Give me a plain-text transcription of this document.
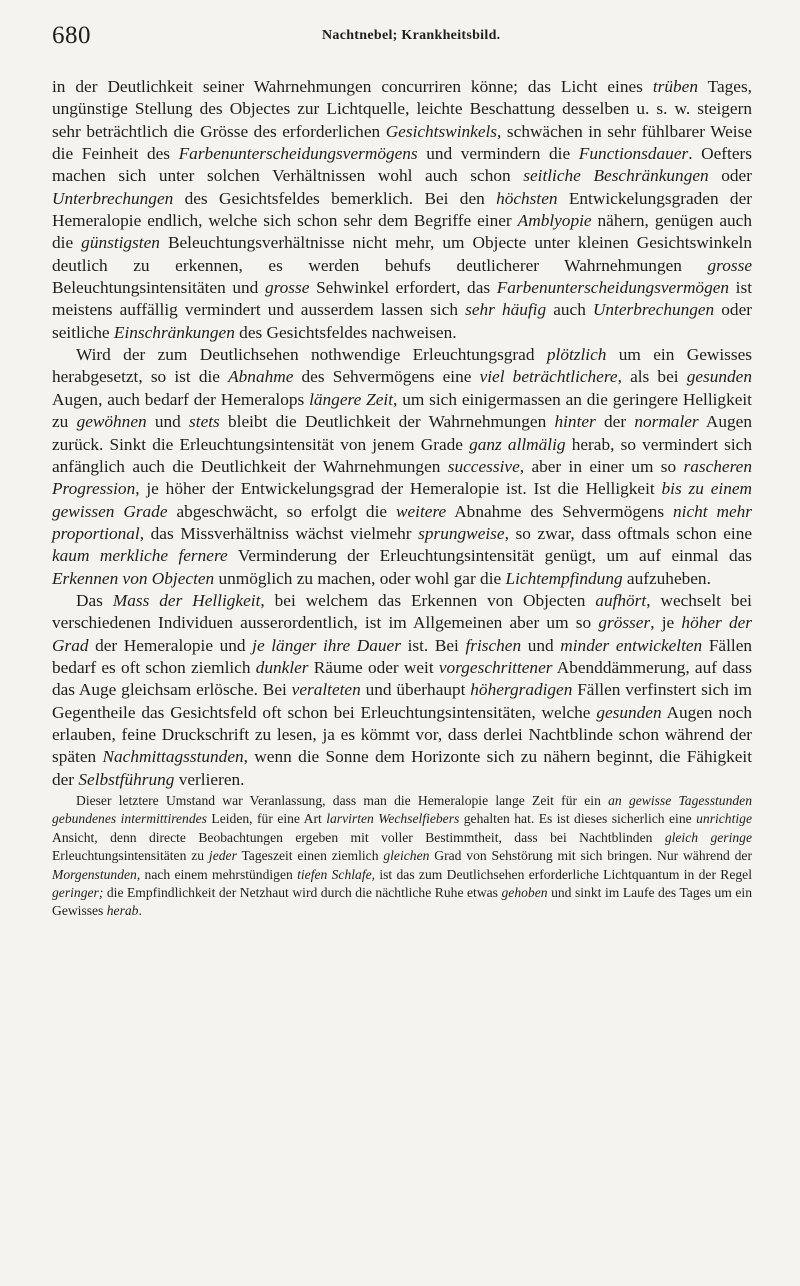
680	Nachtnebel; Krankheitsbild.

in der Deutlichkeit seiner Wahrnehmungen concurriren könne; das Licht eines trüben Tages, ungünstige Stellung des Objectes zur Lichtquelle, leichte Beschattung desselben u. s. w. steigern sehr beträchtlich die Grösse des erforderlichen Gesichtswinkels, schwächen in sehr fühlbarer Weise die Feinheit des Farbenunterscheidungsvermögens und vermindern die Functionsdauer. Oefters machen sich unter solchen Verhältnissen wohl auch schon seitliche Beschränkungen oder Unterbrechungen des Gesichtsfeldes bemerklich. Bei den höchsten Entwickelungsgraden der Hemeralopie endlich, welche sich schon sehr dem Begriffe einer Amblyopie nähern, genügen auch die günstigsten Beleuchtungsverhältnisse nicht mehr, um Objecte unter kleinen Gesichtswinkeln deutlich zu erkennen, es werden behufs deutlicherer Wahrnehmungen grosse Beleuchtungsintensitäten und grosse Sehwinkel erfordert, das Farbenunterscheidungsvermögen ist meistens auffällig vermindert und ausserdem lassen sich sehr häufig auch Unterbrechungen oder seitliche Einschränkungen des Gesichtsfeldes nachweisen.

Wird der zum Deutlichsehen nothwendige Erleuchtungsgrad plötzlich um ein Gewisses herabgesetzt, so ist die Abnahme des Sehvermögens eine viel beträchtlichere, als bei gesunden Augen, auch bedarf der Hemeralops längere Zeit, um sich einigermassen an die geringere Helligkeit zu gewöhnen und stets bleibt die Deutlichkeit der Wahrnehmungen hinter der normaler Augen zurück. Sinkt die Erleuchtungsintensität von jenem Grade ganz allmälig herab, so vermindert sich anfänglich auch die Deutlichkeit der Wahrnehmungen successive, aber in einer um so rascheren Progression, je höher der Entwickelungsgrad der Hemeralopie ist. Ist die Helligkeit bis zu einem gewissen Grade abgeschwächt, so erfolgt die weitere Abnahme des Sehvermögens nicht mehr proportional, das Missverhältniss wächst vielmehr sprungweise, so zwar, dass oftmals schon eine kaum merkliche fernere Verminderung der Erleuchtungsintensität genügt, um auf einmal das Erkennen von Objecten unmöglich zu machen, oder wohl gar die Lichtempfindung aufzuheben.

Das Mass der Helligkeit, bei welchem das Erkennen von Objecten aufhört, wechselt bei verschiedenen Individuen ausserordentlich, ist im Allgemeinen aber um so grösser, je höher der Grad der Hemeralopie und je länger ihre Dauer ist. Bei frischen und minder entwickelten Fällen bedarf es oft schon ziemlich dunkler Räume oder weit vorgeschrittener Abenddämmerung, auf dass das Auge gleichsam erlösche. Bei veralteten und überhaupt höhergradigen Fällen verfinstert sich im Gegentheile das Gesichtsfeld oft schon bei Erleuchtungsintensitäten, welche gesunden Augen noch erlauben, feine Druckschrift zu lesen, ja es kömmt vor, dass derlei Nachtblinde schon während der späten Nachmittagsstunden, wenn die Sonne dem Horizonte sich zu nähern beginnt, die Fähigkeit der Selbstführung verlieren.

Dieser letztere Umstand war Veranlassung, dass man die Hemeralopie lange Zeit für ein an gewisse Tagesstunden gebundenes intermittirendes Leiden, für eine Art larvirten Wechselfiebers gehalten hat. Es ist dieses sicherlich eine unrichtige Ansicht, denn directe Beobachtungen ergeben mit voller Bestimmtheit, dass bei Nachtblinden gleich geringe Erleuchtungsintensitäten zu jeder Tageszeit einen ziemlich gleichen Grad von Sehstörung mit sich bringen. Nur während der Morgenstunden, nach einem mehrstündigen tiefen Schlafe, ist das zum Deutlichsehen erforderliche Lichtquantum in der Regel geringer; die Empfindlichkeit der Netzhaut wird durch die nächtliche Ruhe etwas gehoben und sinkt im Laufe des Tages um ein Gewisses herab.
